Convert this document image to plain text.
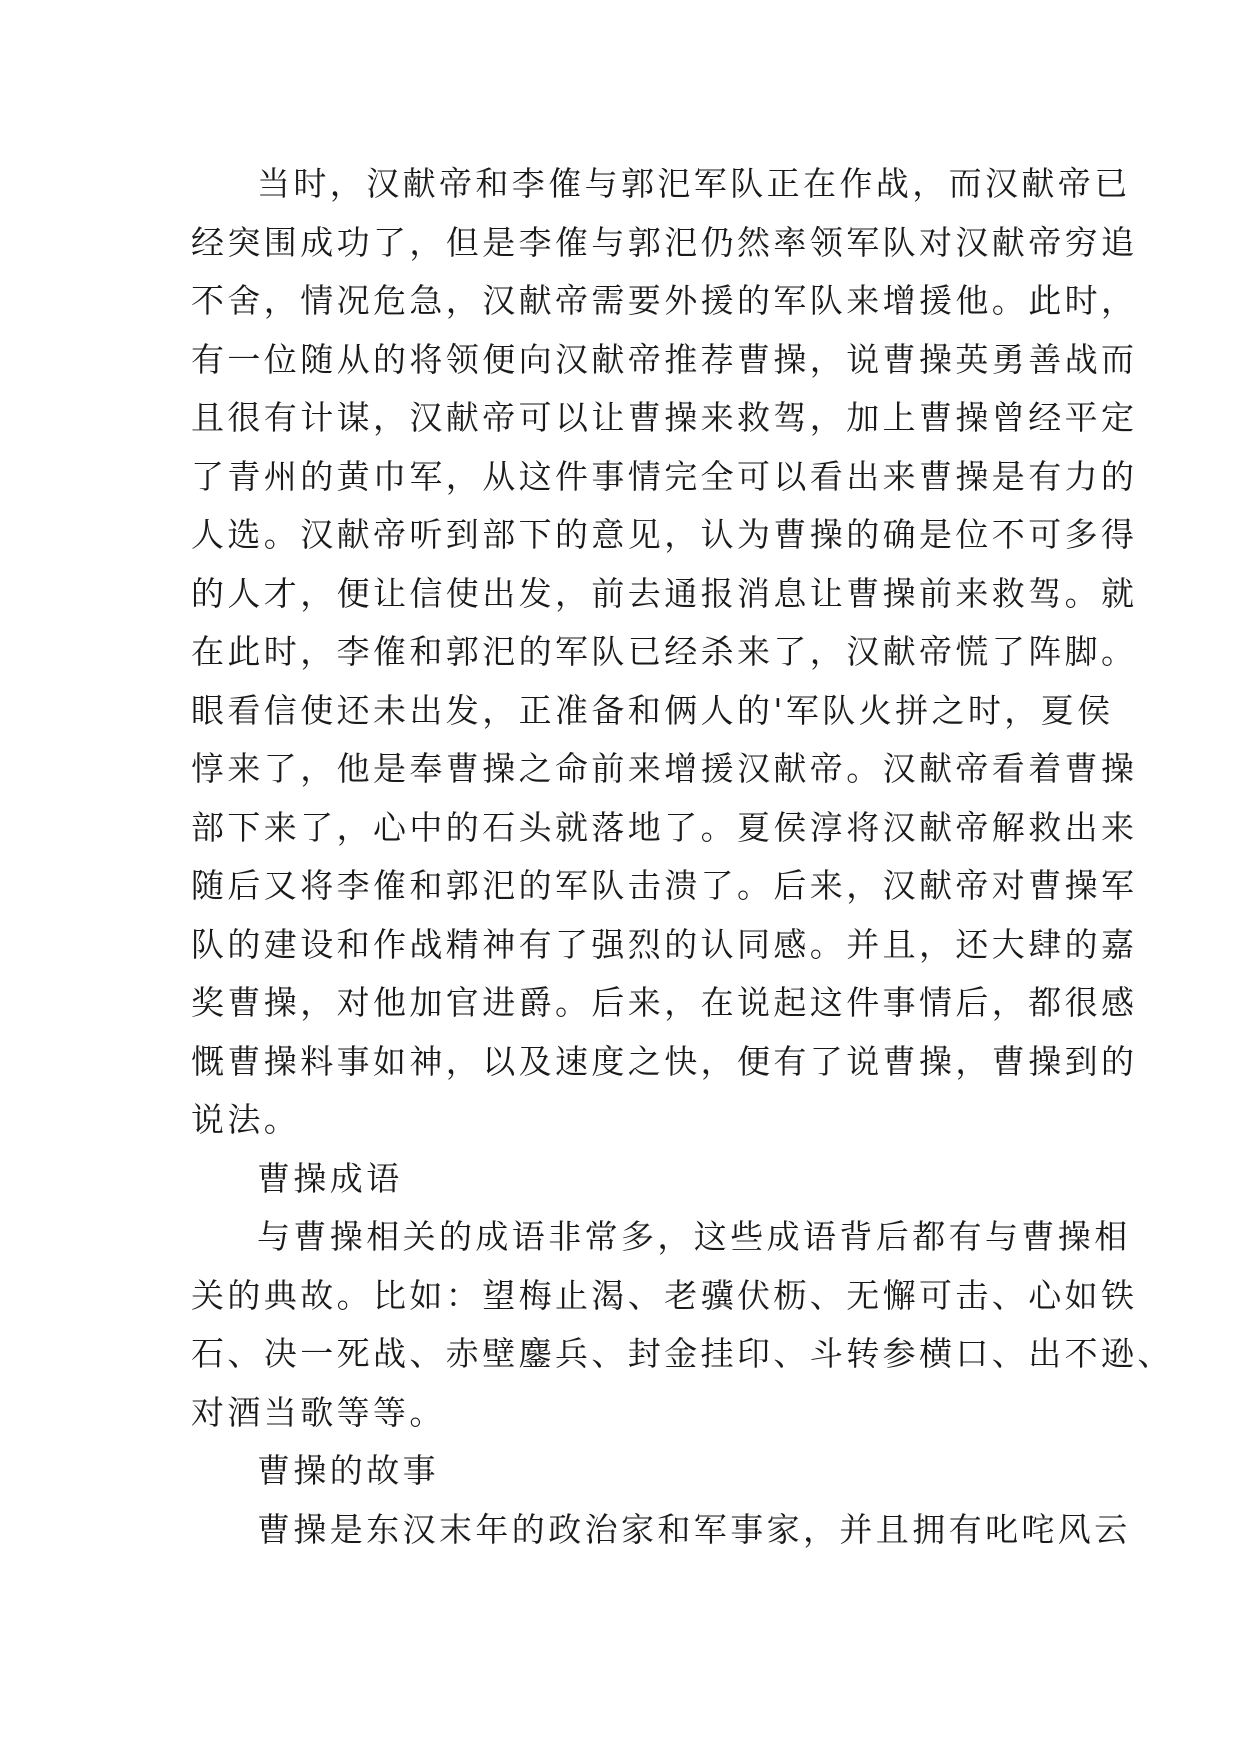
当时，汉献帝和李傕与郭汜军队正在作战，而汉献帝已
经突围成功了，但是李傕与郭汜仍然率领军队对汉献帝穷追
不舍，情况危急，汉献帝需要外援的军队来增援他。此时，
有一位随从的将领便向汉献帝推荐曹操，说曹操英勇善战而
且很有计谋，汉献帝可以让曹操来救驾，加上曹操曾经平定
了青州的黄巾军，从这件事情完全可以看出来曹操是有力的
人选。汉献帝听到部下的意见，认为曹操的确是位不可多得
的人才，便让信使出发，前去通报消息让曹操前来救驾。就
在此时，李傕和郭汜的军队已经杀来了，汉献帝慌了阵脚。
眼看信使还未出发，正准备和俩人的'军队火拼之时，夏侯
惇来了，他是奉曹操之命前来增援汉献帝。汉献帝看着曹操
部下来了，心中的石头就落地了。夏侯淳将汉献帝解救出来
随后又将李傕和郭汜的军队击溃了。后来，汉献帝对曹操军
队的建设和作战精神有了强烈的认同感。并且，还大肆的嘉
奖曹操，对他加官进爵。后来，在说起这件事情后，都很感
慨曹操料事如神，以及速度之快，便有了说曹操，曹操到的
说法。
曹操成语
与曹操相关的成语非常多，这些成语背后都有与曹操相
关的典故。比如：望梅止渴、老骥伏枥、无懈可击、心如铁
石、决一死战、赤壁鏖兵、封金挂印、斗转参横口、出不逊、
对酒当歌等等。
曹操的故事
曹操是东汉末年的政治家和军事家，并且拥有叱咤风云
